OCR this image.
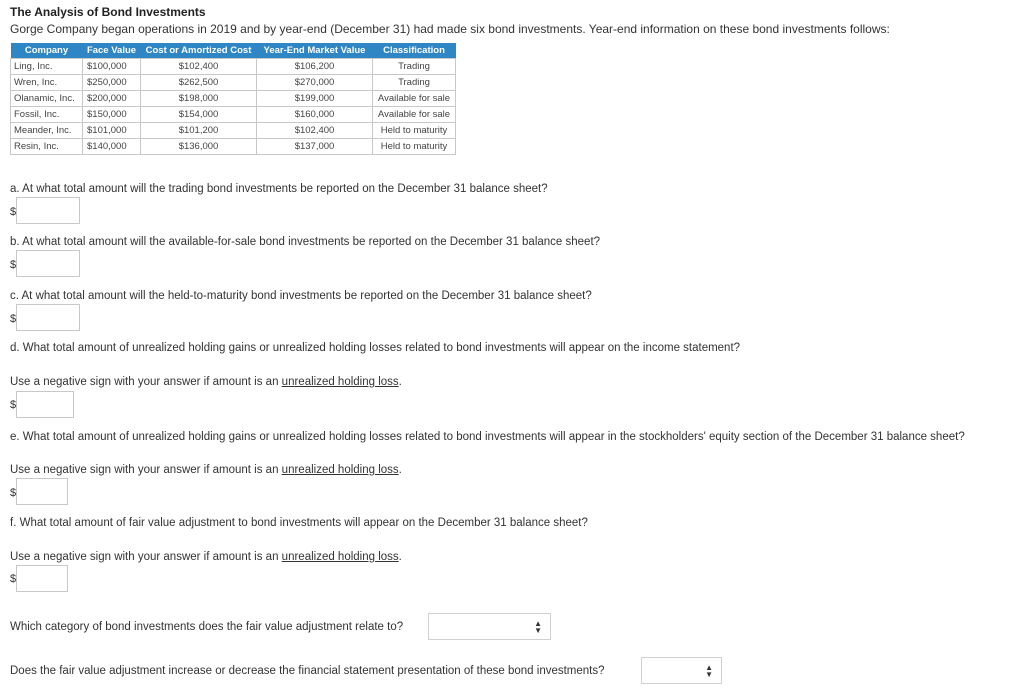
The Analysis of Bond Investments
Gorge Company began operations in 2019 and by year-end (December 31) had made six bond investments. Year-end information on these bond investments follows:
Company	Face Value	Cost or Amortized Cost	Year-End Market Value	Classification
Ling, Inc.	$100,000	$102,400	$106,200	Trading
Wren, Inc.	$250,000	$262,500	$270,000	Trading
Olanamic, Inc.	$200,000	$198,000	$199,000	Available for sale
Fossil, Inc.	$150,000	$154,000	$160,000	Available for sale
Meander, Inc.	$101,000	$101,200	$102,400	Held to maturity
Resin, Inc.	$140,000	$136,000	$137,000	Held to maturity
a. At what total amount will the trading bond investments be reported on the December 31 balance sheet?
$
b. At what total amount will the available-for-sale bond investments be reported on the December 31 balance sheet?
$
c. At what total amount will the held-to-maturity bond investments be reported on the December 31 balance sheet?
$
d. What total amount of unrealized holding gains or unrealized holding losses related to bond investments will appear on the income statement?
Use a negative sign with your answer if amount is an unrealized holding loss.
$
e. What total amount of unrealized holding gains or unrealized holding losses related to bond investments will appear in the stockholders' equity section of the December 31 balance sheet?
Use a negative sign with your answer if amount is an unrealized holding loss.
$
f. What total amount of fair value adjustment to bond investments will appear on the December 31 balance sheet?
Use a negative sign with your answer if amount is an unrealized holding loss.
$
Which category of bond investments does the fair value adjustment relate to?	▲
▼
Does the fair value adjustment increase or decrease the financial statement presentation of these bond investments?	▲
▼
